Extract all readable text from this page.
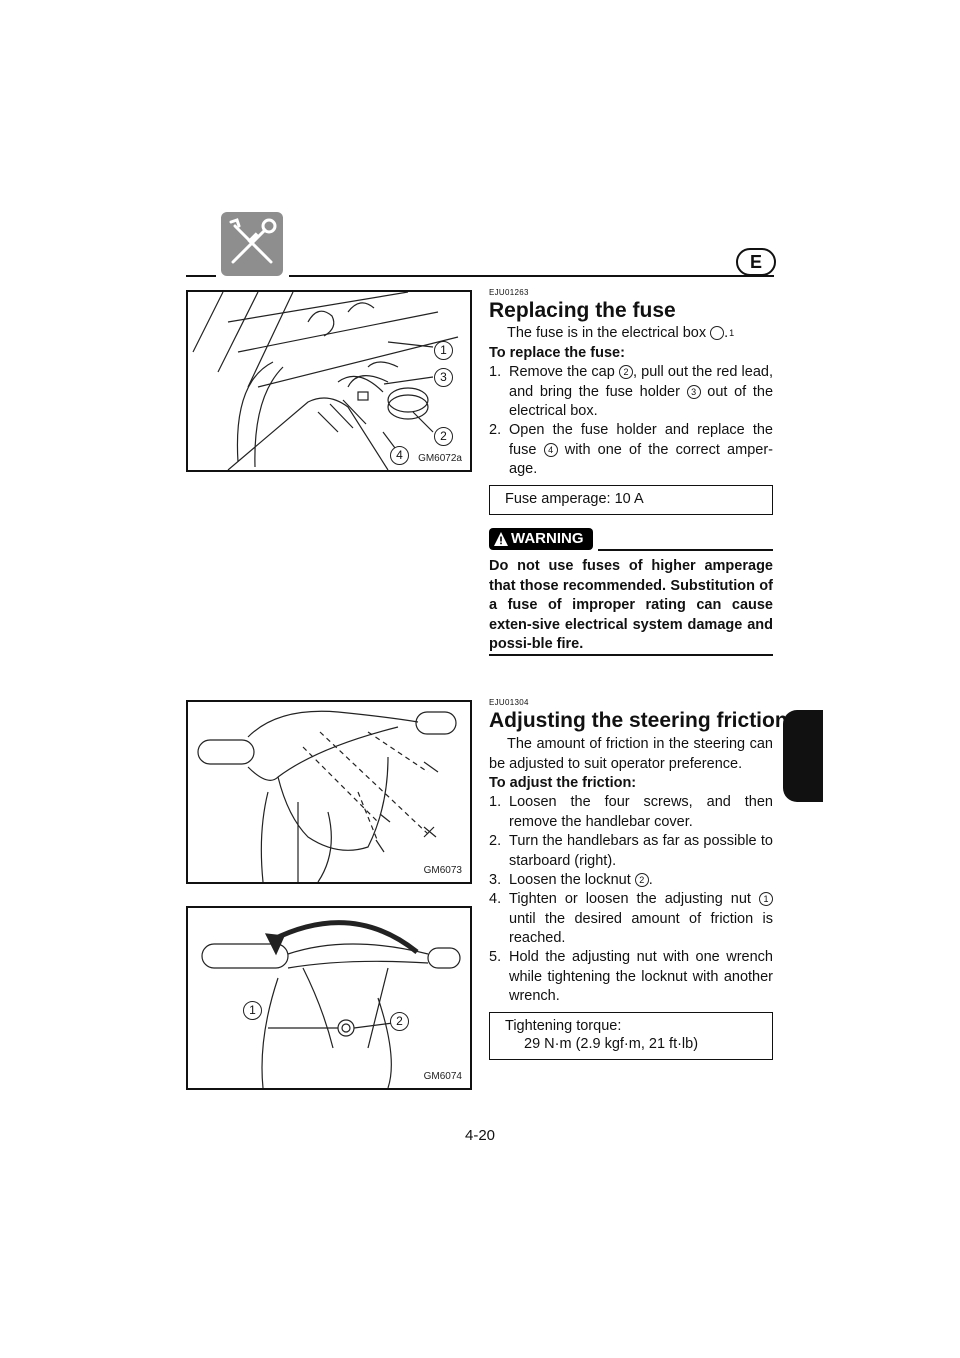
E
1
3
2
4	GM6072a
GM6073
1
2
GM6074
EJU01263
Replacing the fuse
The fuse is in the electrical box	1.
To replace the fuse:
1. Remove the cap 2 , pull out the red lead, and bring the fuse holder 3 out of the electrical box.
2. Open the fuse holder and replace the fuse 4 with one of the correct amper-age.
Fuse amperage: 10 A
WARNING
Do not use fuses of higher amperage that those recommended. Substitution of a fuse of improper rating can cause exten-sive electrical system damage and possi-ble fire.
EJU01304
Adjusting the steering friction
The amount of friction in the steering can be adjusted to suit operator preference.
To adjust the friction:
1. Loosen the four screws, and then remove the handlebar cover.
2. Turn the handlebars as far as possible to starboard (right).
3. Loosen the locknut 2 .
4. Tighten or loosen the adjusting nut 1 until the desired amount of friction is reached.
5. Hold the adjusting nut with one wrench while tightening the locknut with another wrench.
Tightening torque:
29 N·m (2.9 kgf·m, 21 ft·lb)
4-20
